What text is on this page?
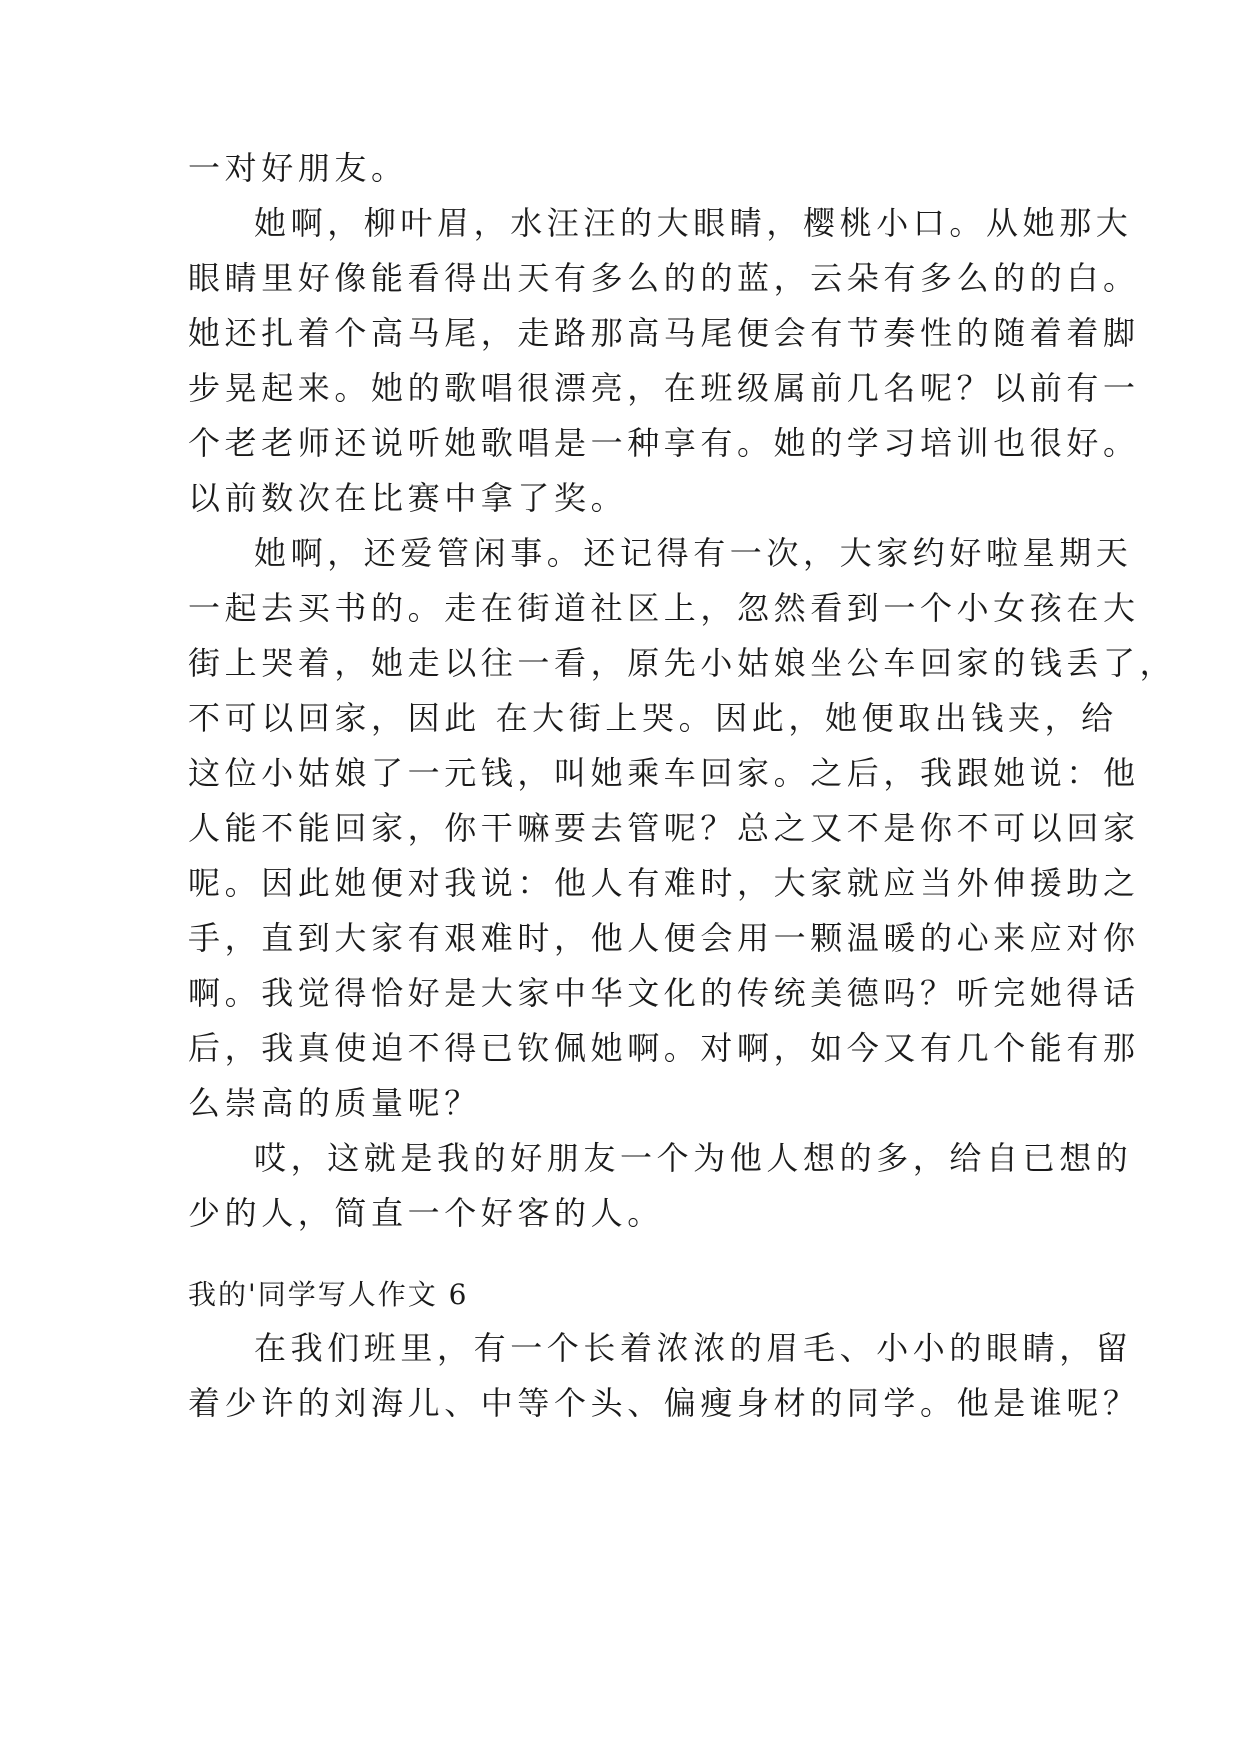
一对好朋友。
她啊，柳叶眉，水汪汪的大眼睛，樱桃小口。从她那大
眼睛里好像能看得出天有多么的的蓝，云朵有多么的的白。
她还扎着个高马尾，走路那高马尾便会有节奏性的随着着脚
步晃起来。她的歌唱很漂亮，在班级属前几名呢？以前有一
个老老师还说听她歌唱是一种享有。她的学习培训也很好。
以前数次在比赛中拿了奖。
她啊，还爱管闲事。还记得有一次，大家约好啦星期天
一起去买书的。走在街道社区上，忽然看到一个小女孩在大
街上哭着，她走以往一看，原先小姑娘坐公车回家的钱丢了，
不可以回家，因此 在大街上哭。因此，她便取出钱夹，给
这位小姑娘了一元钱，叫她乘车回家。之后，我跟她说：他
人能不能回家，你干嘛要去管呢？总之又不是你不可以回家
呢。因此她便对我说：他人有难时，大家就应当外伸援助之
手，直到大家有艰难时，他人便会用一颗温暖的心来应对你
啊。我觉得恰好是大家中华文化的传统美德吗？听完她得话
后，我真使迫不得已钦佩她啊。对啊，如今又有几个能有那
么崇高的质量呢？
哎，这就是我的好朋友一个为他人想的多，给自已想的
少的人，简直一个好客的人。
我的'同学写人作文 6
在我们班里，有一个长着浓浓的眉毛、小小的眼睛，留
着少许的刘海儿、中等个头、偏瘦身材的同学。他是谁呢？
